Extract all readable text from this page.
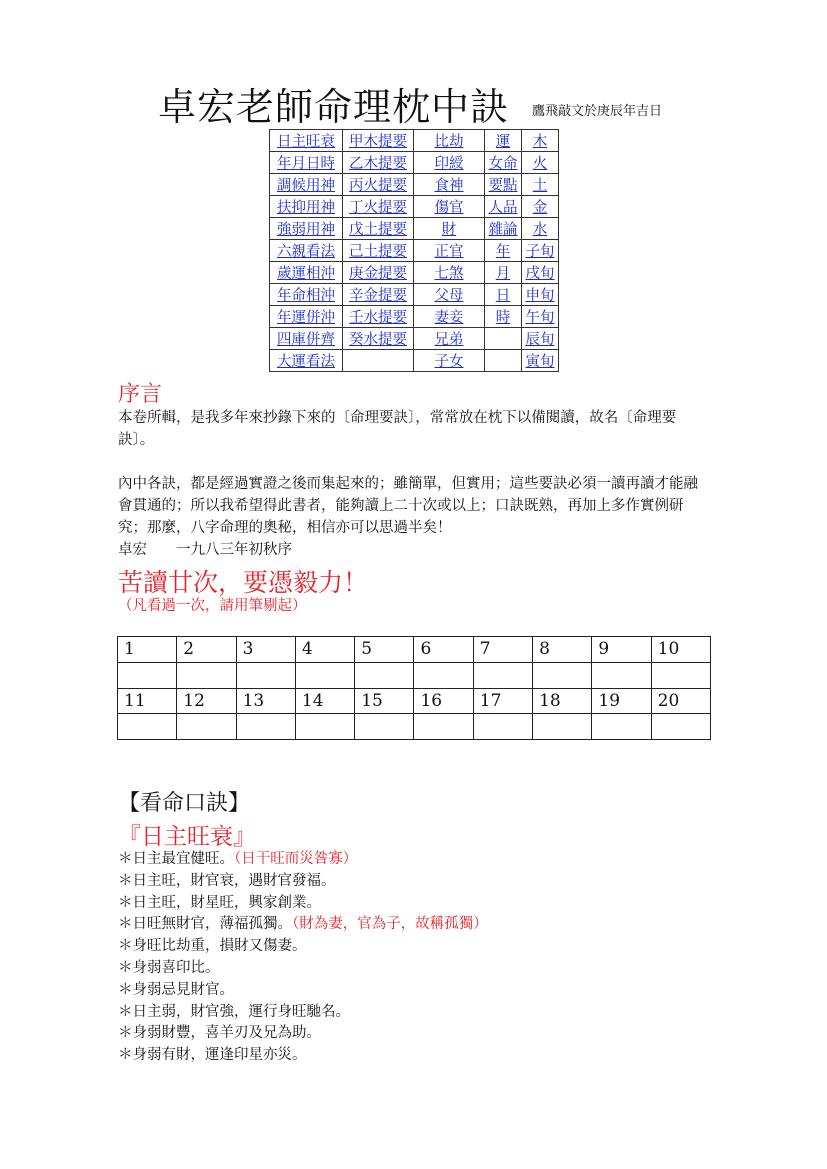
卓宏老師命理枕中訣 鷹飛敲文於庚辰年吉日
日主旺衰	甲木提要	比劫	運	木
年月日時	乙木提要	印綬	女命	火
調候用神	丙火提要	食神	要點	土
扶抑用神	丁火提要	傷官	人品	金
強弱用神	戊土提要	財	雜論	水
六親看法	己土提要	正官	年	子旬
歲運相沖	庚金提要	七煞	月	戌旬
年命相沖	辛金提要	父母	日	申旬
年運併沖	壬水提要	妻妾	時	午旬
四庫併齊	癸水提要	兄弟		辰旬
大運看法		子女		寅旬
序言
本卷所輯，是我多年來抄錄下來的〔命理要訣〕，常常放在枕下以備閱讀，故名〔命理要訣〕。
內中各訣，都是經過實證之後而集起來的；雖簡單，但實用；這些要訣必須一讀再讀才能融會貫通的；所以我希望得此書者，能夠讀上二十次或以上；口訣既熟，再加上多作實例研究；那麼，八字命理的奧秘，相信亦可以思過半矣！
卓宏　　一九八三年初秋序
苦讀廿次，要憑毅力！
（凡看過一次，請用筆剔起）
1	2	3	4	5	6	7	8	9	10

11	12	13	14	15	16	17	18	19	20

【看命口訣】
『日主旺衰』
＊日主最宜健旺。（日干旺而災咎寡）
＊日主旺，財官衰，遇財官發福。
＊日主旺，財星旺，興家創業。
＊日旺無財官，薄福孤獨。（財為妻，官為子，故稱孤獨）
＊身旺比劫重，損財又傷妻。
＊身弱喜印比。
＊身弱忌見財官。
＊日主弱，財官強，運行身旺馳名。
＊身弱財豐，喜羊刃及兄為助。
＊身弱有財，運逢印星亦災。
